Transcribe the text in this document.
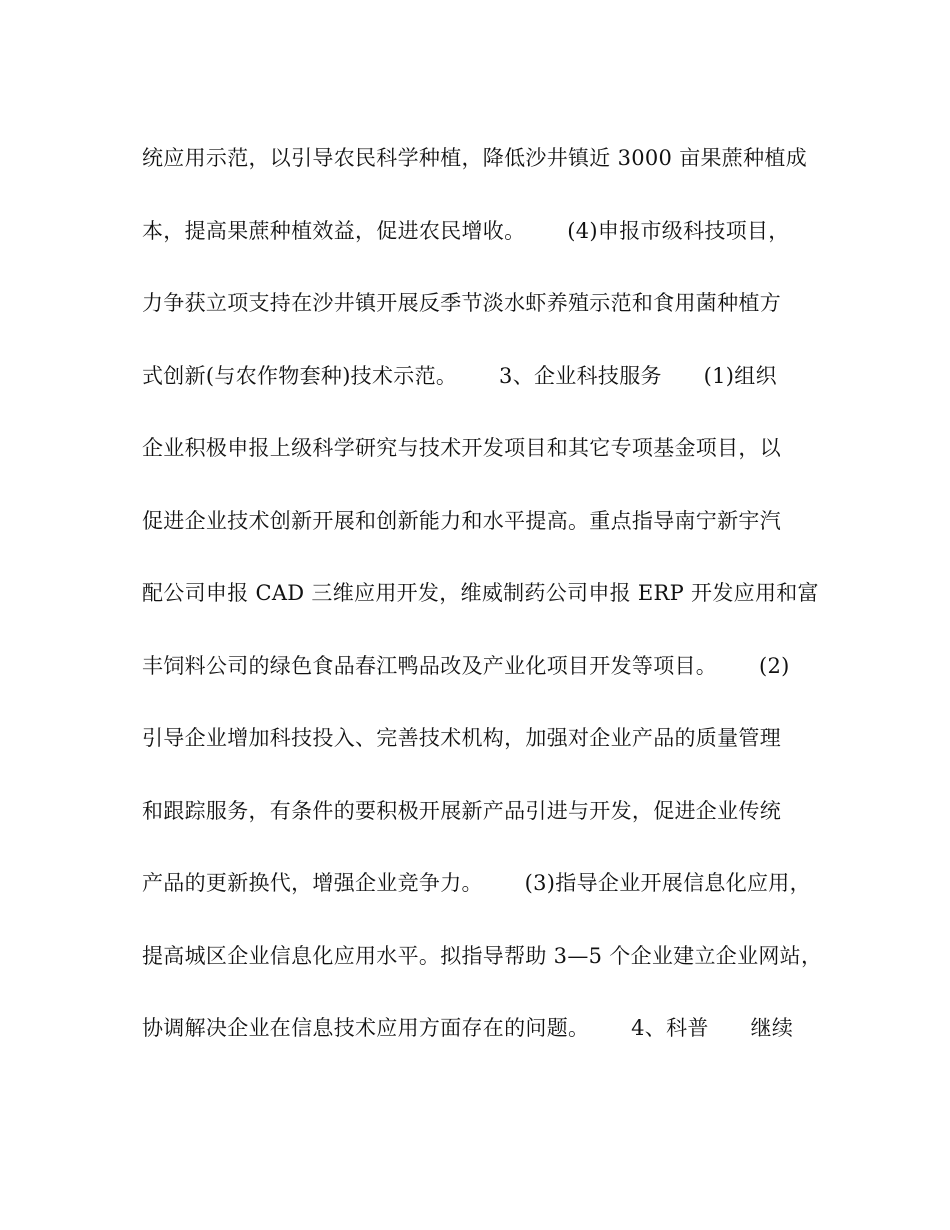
统应用示范，以引导农民科学种植，降低沙井镇近 3000 亩果蔗种植成
本，提高果蔗种植效益，促进农民增收。      (4)申报市级科技项目，
力争获立项支持在沙井镇开展反季节淡水虾养殖示范和食用菌种植方
式创新(与农作物套种)技术示范。      3、企业科技服务      (1)组织
企业积极申报上级科学研究与技术开发项目和其它专项基金项目，以
促进企业技术创新开展和创新能力和水平提高。重点指导南宁新宇汽
配公司申报 CAD 三维应用开发，维威制药公司申报 ERP 开发应用和富
丰饲料公司的绿色食品春江鸭品改及产业化项目开发等项目。      (2)
引导企业增加科技投入、完善技术机构，加强对企业产品的质量管理
和跟踪服务，有条件的要积极开展新产品引进与开发，促进企业传统
产品的更新换代，增强企业竞争力。      (3)指导企业开展信息化应用，
提高城区企业信息化应用水平。拟指导帮助 3—5 个企业建立企业网站，
协调解决企业在信息技术应用方面存在的问题。      4、科普      继续
